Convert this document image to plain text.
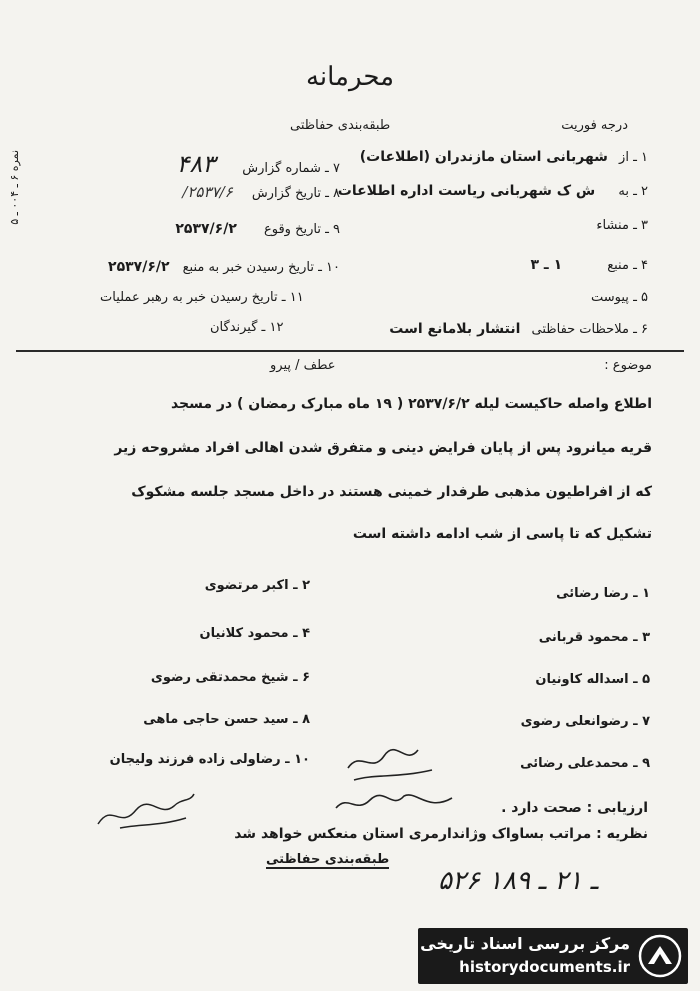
محرمانه
نمره ۶ ـ ۰۰۴ ـ ۵
درجه فوریت
طبقه‌بندی حفاظتی
۱ ـ از شهربانی استان مازندران (اطلاعات)
۲ ـ به ش ک شهربانی ریاست اداره اطلاعات
۳ ـ منشاء
۴ ـ منبع ۱ ـ ۳
۵ ـ پیوست
۶ ـ ملاحظات حفاظتی انتشار بلامانع است
۷ ـ شماره گزارش ۴۸۳
۸ ـ تاریخ گزارش ۲۵۳۷/۶/
۹ ـ تاریخ وقوع ۲۵۳۷/۶/۲
۱۰ ـ تاریخ رسیدن خبر به منبع ۲۵۳۷/۶/۲
۱۱ ـ تاریخ رسیدن خبر به رهبر عملیات
۱۲ ـ گیرندگان
موضوع :
عطف / پیرو
اطلاع واصله حاکیست لیله ۲۵۳۷/۶/۲ ( ۱۹ ماه مبارک رمضان ) در مسجد
قریه میانرود پس از پایان فرایض دینی و متفرق شدن اهالی افراد مشروحه زیر
که از افراطیون مذهبی طرفدار خمینی هستند در داخل مسجد جلسه مشکوک
تشکیل که تا پاسی از شب ادامه داشته است
۱ ـ رضا رضائی
۳ ـ محمود قربانی
۵ ـ اسداله کاونیان
۷ ـ رضوانعلی رضوی
۹ ـ محمدعلی رضائی
۲ ـ اکبر مرتضوی
۴ ـ محمود کلانیان
۶ ـ شیخ محمدتقی رضوی
۸ ـ سید حسن حاجی ماهی
۱۰ ـ رضاولی زاده فرزند ولیجان
ارزیابی : صحت دارد .
نظریه : مراتب بساواک وژاندارمری استان منعکس خواهد شد
طبقه‌بندی حفاظتی
۵۲۶ ـ ۲۱ ـ ۱۸۹
مرکز بررسی اسناد تاریخی
historydocuments.ir
